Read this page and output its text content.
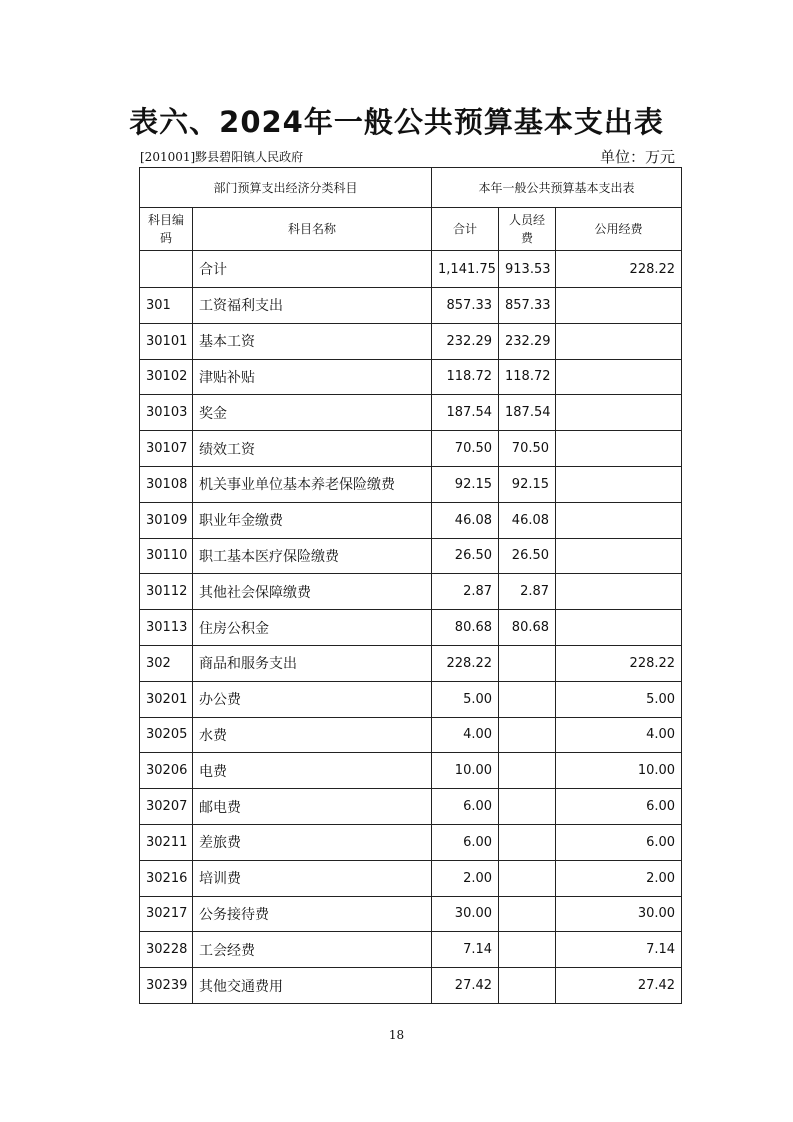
表六、2024年一般公共预算基本支出表
[201001]黟县碧阳镇人民政府	单位：万元
部门预算支出经济分类科目		本年一般公共预算基本支出表		
科目编码	科目名称	合计	人员经费	公用经费
	合计	1,141.75	913.53	228.22
301	工资福利支出	857.33	857.33	
30101	基本工资	232.29	232.29	
30102	津贴补贴	118.72	118.72	
30103	奖金	187.54	187.54	
30107	绩效工资	70.50	70.50	
30108	机关事业单位基本养老保险缴费	92.15	92.15	
30109	职业年金缴费	46.08	46.08	
30110	职工基本医疗保险缴费	26.50	26.50	
30112	其他社会保障缴费	2.87	2.87	
30113	住房公积金	80.68	80.68	
302	商品和服务支出	228.22		228.22
30201	办公费	5.00		5.00
30205	水费	4.00		4.00
30206	电费	10.00		10.00
30207	邮电费	6.00		6.00
30211	差旅费	6.00		6.00
30216	培训费	2.00		2.00
30217	公务接待费	30.00		30.00
30228	工会经费	7.14		7.14
30239	其他交通费用	27.42		27.42
18
